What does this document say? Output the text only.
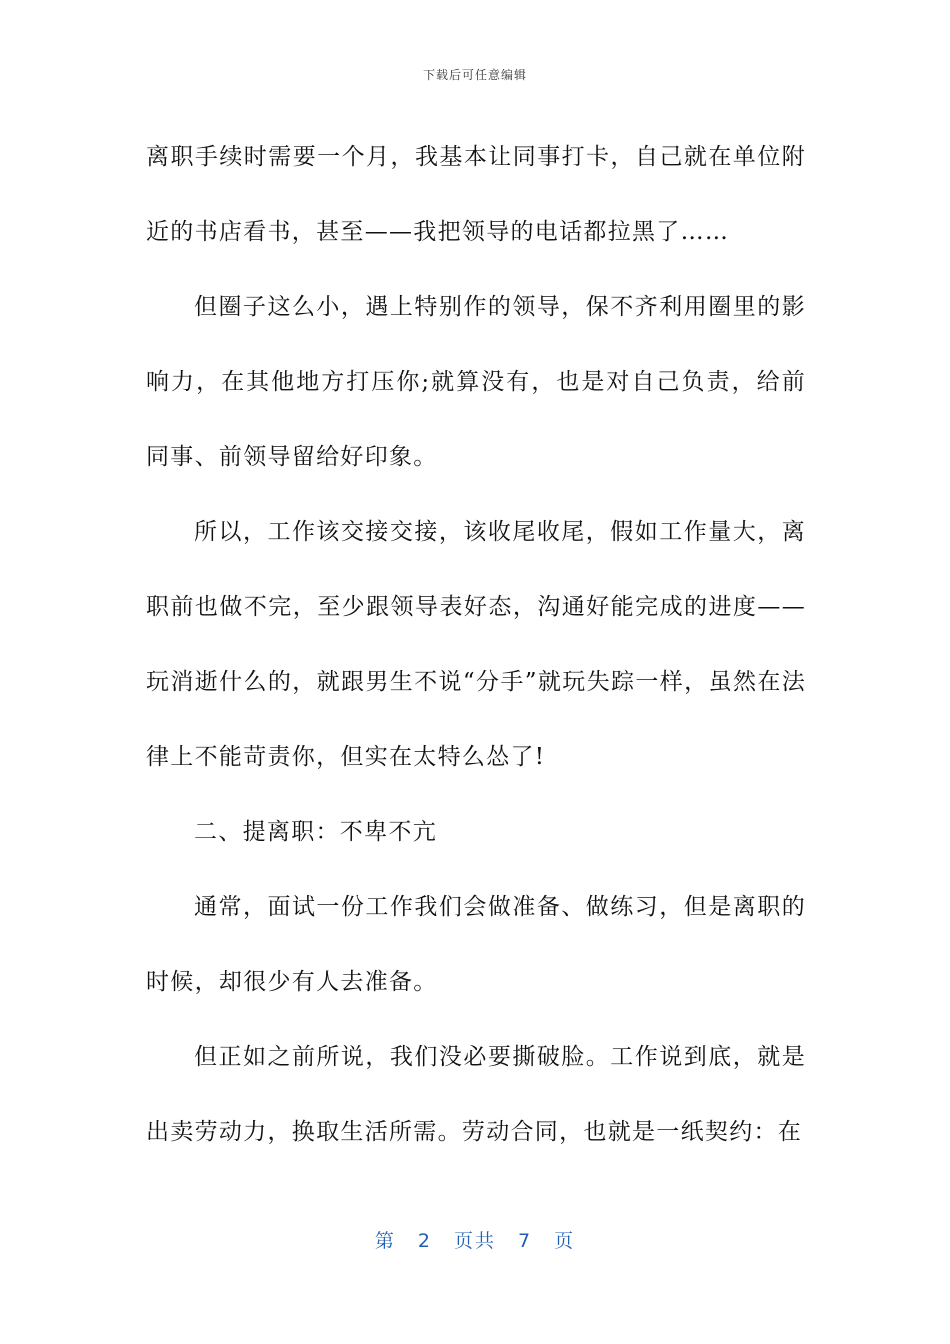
下载后可任意编辑

离职手续时需要一个月，我基本让同事打卡，自己就在单位附近的书店看书，甚至——我把领导的电话都拉黑了……

但圈子这么小，遇上特别作的领导，保不齐利用圈里的影响力，在其他地方打压你;就算没有，也是对自己负责，给前同事、前领导留给好印象。

所以，工作该交接交接，该收尾收尾，假如工作量大，离职前也做不完，至少跟领导表好态，沟通好能完成的进度——玩消逝什么的，就跟男生不说“分手”就玩失踪一样，虽然在法律上不能苛责你，但实在太特么怂了!

二、提离职：不卑不亢

通常，面试一份工作我们会做准备、做练习，但是离职的时候，却很少有人去准备。

但正如之前所说，我们没必要撕破脸。工作说到底，就是出卖劳动力，换取生活所需。劳动合同，也就是一纸契约：在

第 2 页共 7 页
